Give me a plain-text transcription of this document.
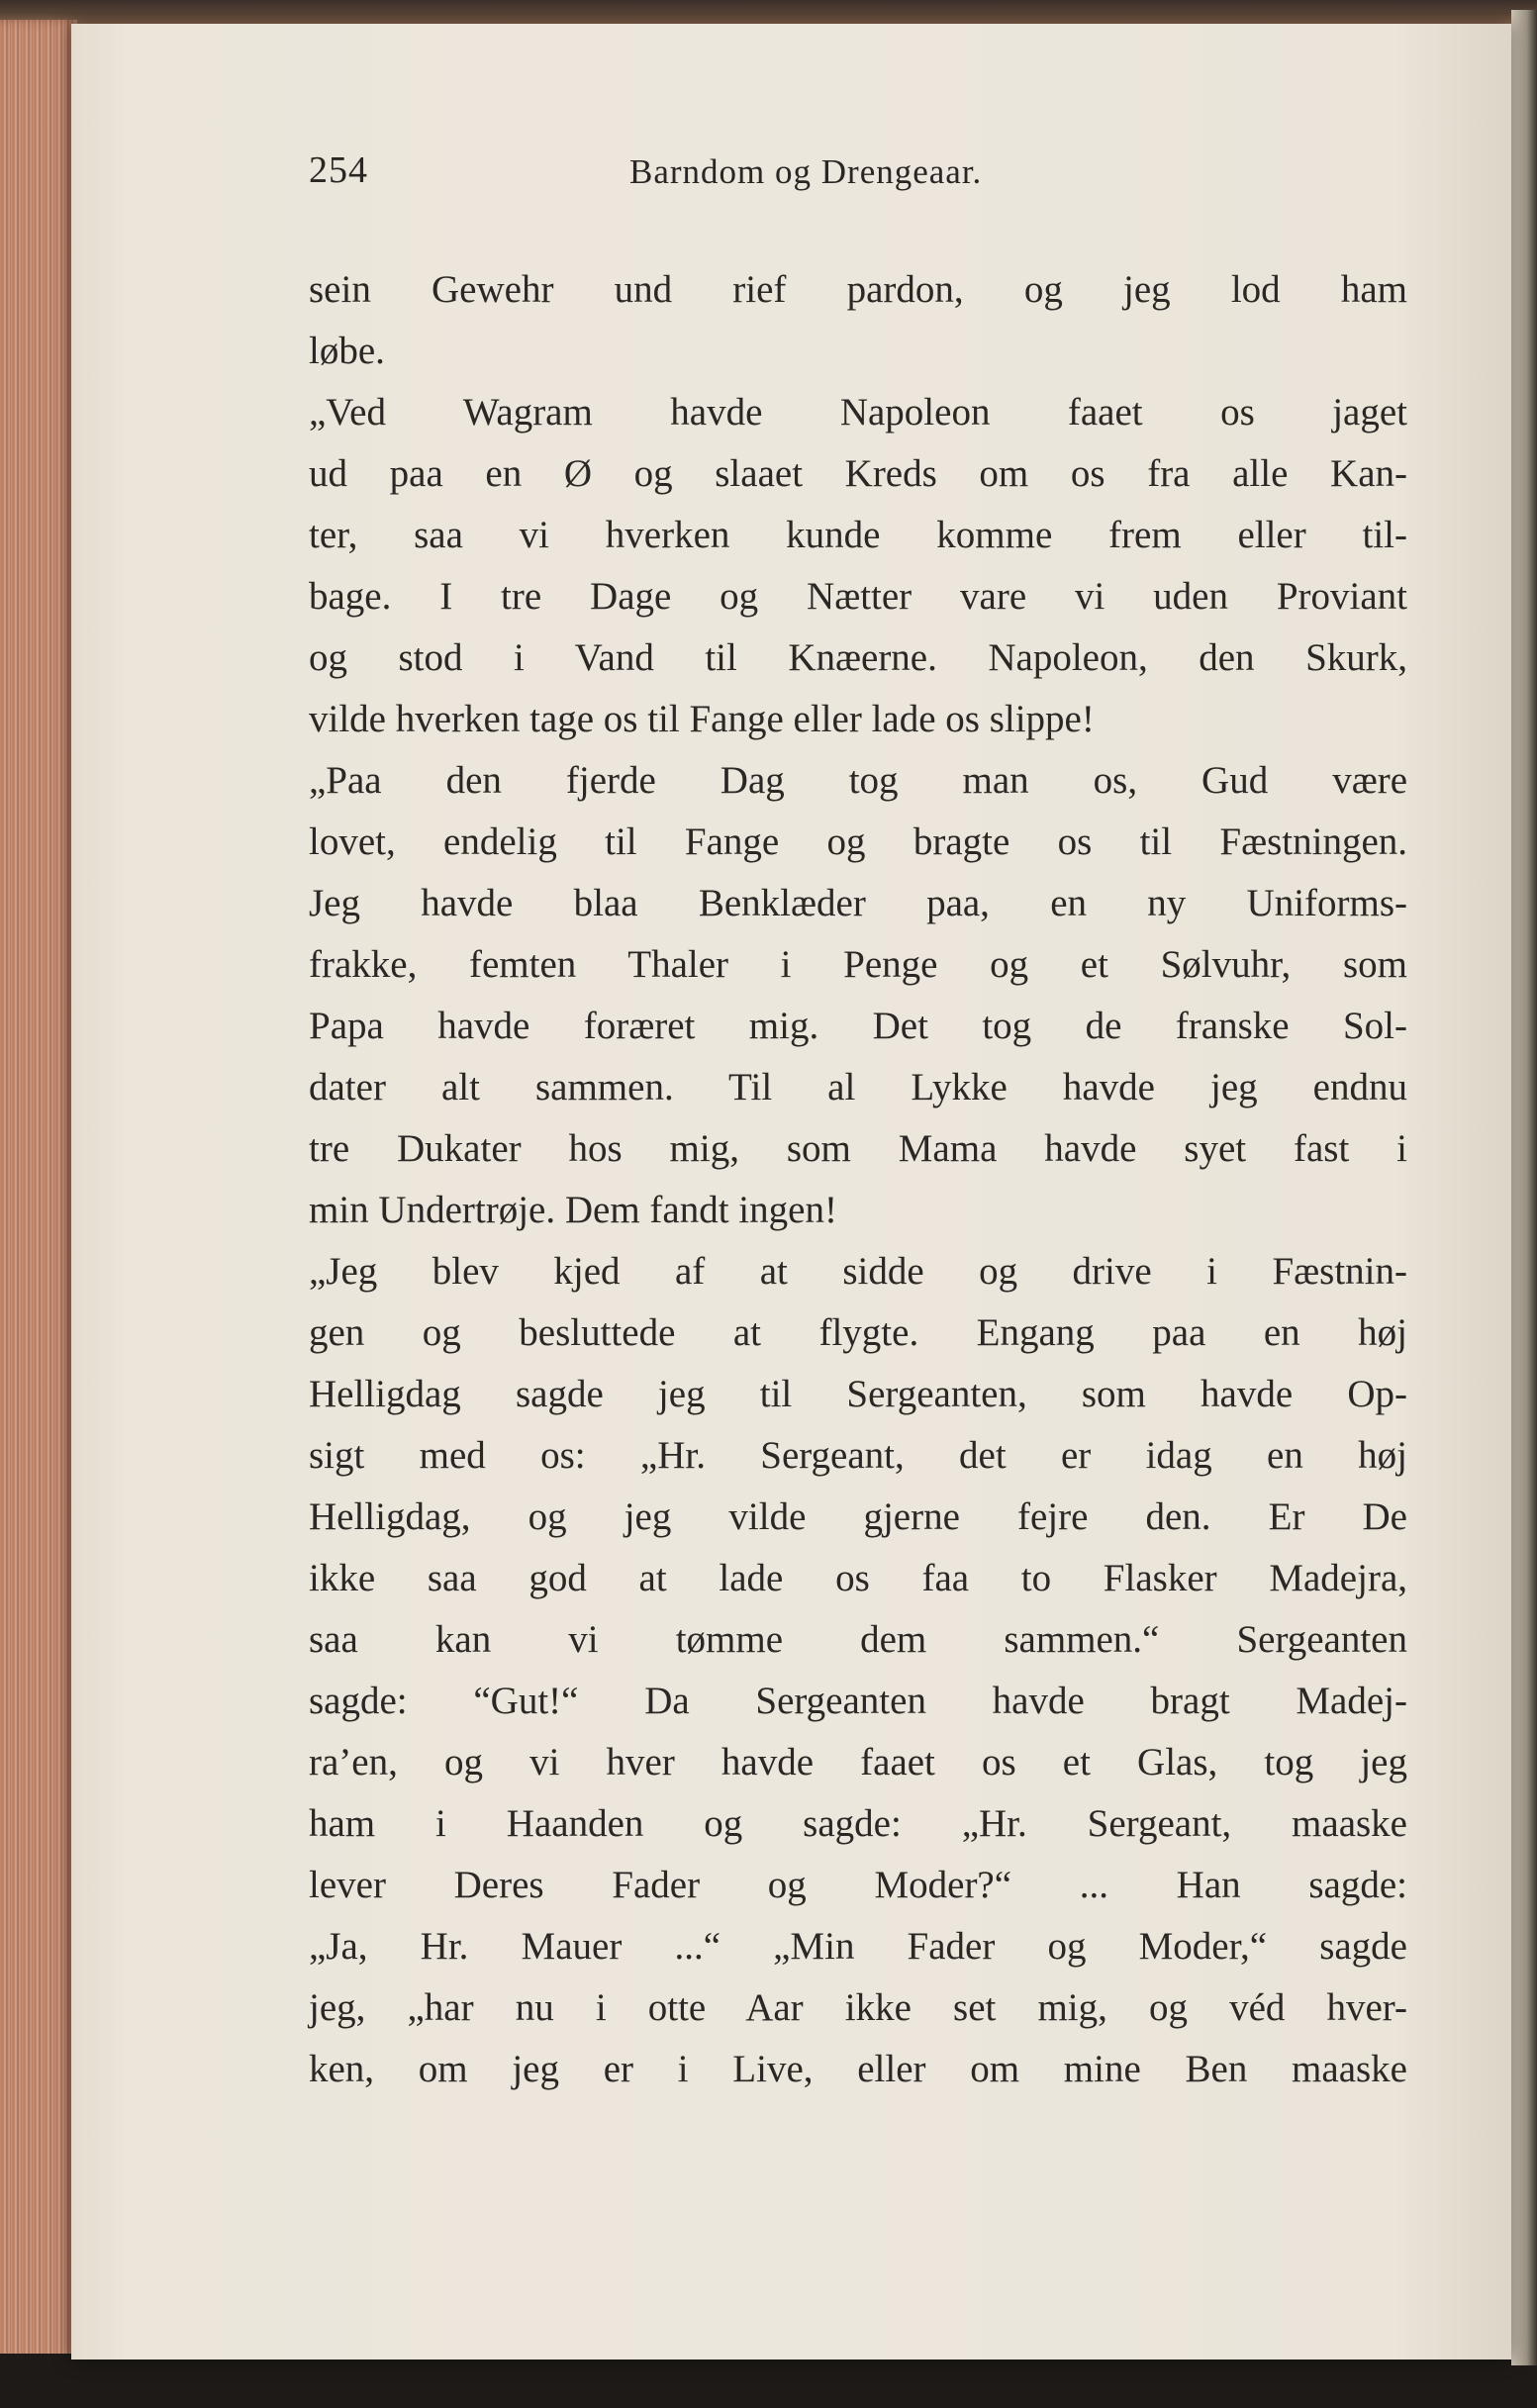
254	Barndom og Drengeaar.
sein Gewehr und rief pardon, og jeg lod ham
løbe.
„Ved Wagram havde Napoleon faaet os jaget
ud paa en Ø og slaaet Kreds om os fra alle Kan-
ter, saa vi hverken kunde komme frem eller til-
bage. I tre Dage og Nætter vare vi uden Proviant
og stod i Vand til Knæerne. Napoleon, den Skurk,
vilde hverken tage os til Fange eller lade os slippe!
„Paa den fjerde Dag tog man os, Gud være
lovet, endelig til Fange og bragte os til Fæstningen.
Jeg havde blaa Benklæder paa, en ny Uniforms-
frakke, femten Thaler i Penge og et Sølvuhr, som
Papa havde foræret mig. Det tog de franske Sol-
dater alt sammen. Til al Lykke havde jeg endnu
tre Dukater hos mig, som Mama havde syet fast i
min Undertrøje. Dem fandt ingen!
„Jeg blev kjed af at sidde og drive i Fæstnin-
gen og besluttede at flygte. Engang paa en høj
Helligdag sagde jeg til Sergeanten, som havde Op-
sigt med os: „Hr. Sergeant, det er idag en høj
Helligdag, og jeg vilde gjerne fejre den. Er De
ikke saa god at lade os faa to Flasker Madejra,
saa kan vi tømme dem sammen.“ Sergeanten
sagde: “Gut!“ Da Sergeanten havde bragt Madej-
ra’en, og vi hver havde faaet os et Glas, tog jeg
ham i Haanden og sagde: „Hr. Sergeant, maaske
lever Deres Fader og Moder?“ ... Han sagde:
„Ja, Hr. Mauer ...“ „Min Fader og Moder,“ sagde
jeg, „har nu i otte Aar ikke set mig, og véd hver-
ken, om jeg er i Live, eller om mine Ben maaske
